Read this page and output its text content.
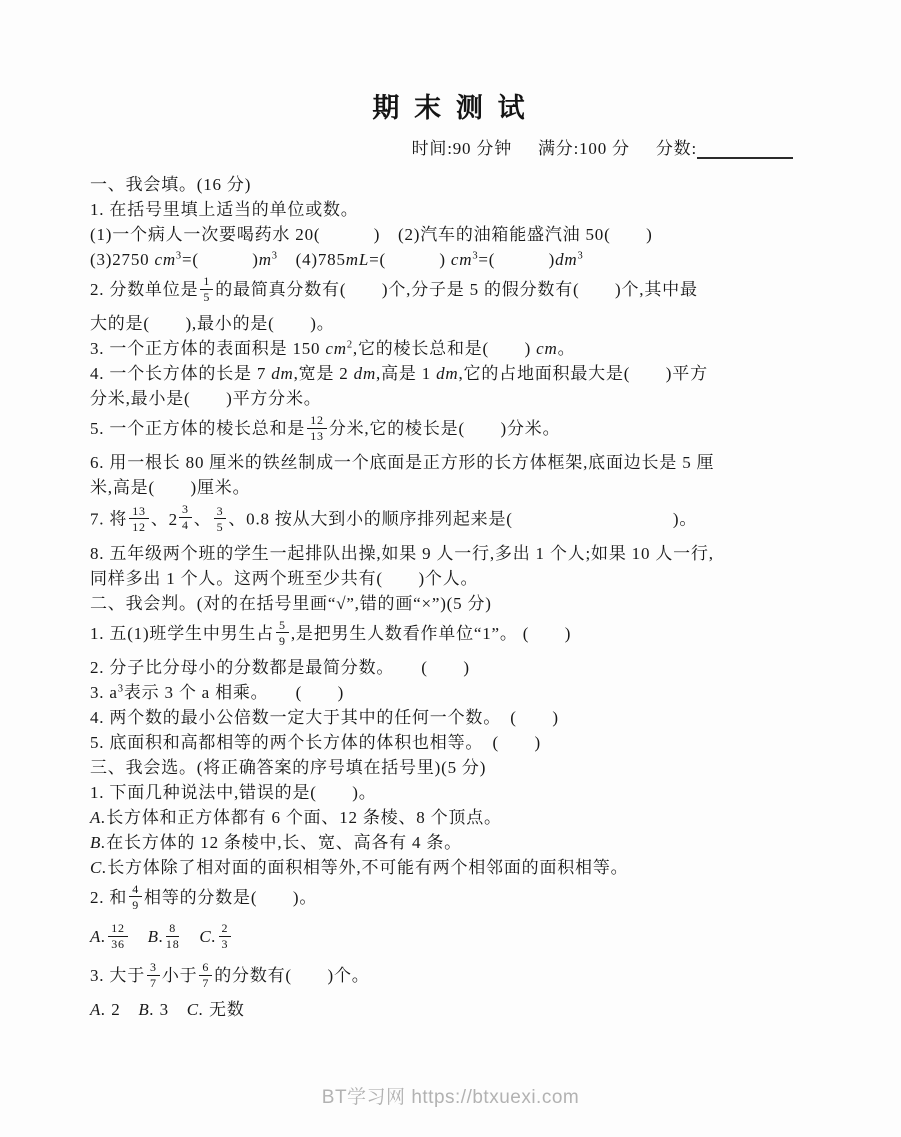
期 末 测 试
时间:90 分钟 满分:100 分 分数:
一、我会填。(16 分)
1. 在括号里填上适当的单位或数。
(1)一个病人一次要喝药水 20(　　　)　(2)汽车的油箱能盛汽油 50(　　)
(3)2750 $cm^3=$(　　　)$m^3$　(4)785mL=(　　　) $cm^3=$(　　　)$dm^3$
2. 分数单位是 $\frac{1}{5}$ 的最简真分数有(　　)个,分子是 5 的假分数有(　　)个,其中最
大的是(　　),最小的是(　　)。
3. 一个正方体的表面积是 150 $cm^2$,它的棱长总和是(　　) cm。
4. 一个长方体的长是 7 dm,宽是 2 dm,高是 1 dm,它的占地面积最大是(　　)平方
分米,最小是(　　)平方分米。
5. 一个正方体的棱长总和是 $\frac{12}{13}$ 分米,它的棱长是(　　)分米。
6. 用一根长 80 厘米的铁丝制成一个底面是正方形的长方体框架,底面边长是 5 厘
米,高是(　　)厘米。
7. 将 $\frac{13}{12}$ 、 $2 \frac{3}{4}$ 、 $\frac{3}{5}$ 、0.8 按从大到小的顺序排列起来是(　　　　　　　　　)。
8. 五年级两个班的学生一起排队出操,如果 9 人一行,多出 1 个人;如果 10 人一行,
同样多出 1 个人。这两个班至少共有(　　)个人。
二、我会判。(对的在括号里画“√”,错的画“×”)(5 分)
1. 五(1)班学生中男生占 $\frac{5}{9}$ ,是把男生人数看作单位“1”。 (　　)
2. 分子比分母小的分数都是最简分数。　　(　　)
3. $a^3$表示 3 个 a 相乘。　　(　　)
4. 两个数的最小公倍数一定大于其中的任何一个数。　(　　)
5. 底面积和高都相等的两个长方体的体积也相等。　(　　)
三、我会选。(将正确答案的序号填在括号里)(5 分)
1. 下面几种说法中,错误的是(　　)。
A.长方体和正方体都有 6 个面、12 条棱、8 个顶点。
B.在长方体的 12 条棱中,长、宽、高各有 4 条。
C.长方体除了相对面的面积相等外,不可能有两个相邻面的面积相等。
2. 和 $\frac{4}{9}$ 相等的分数是(　　)。
A. $\frac{12}{36}$
　 B. $\frac{8}{18}$
　 C. $\frac{2}{3}$
3. 大于 $\frac{3}{7}$ 小于 $\frac{6}{7}$ 的分数有(　　)个。
A. 2　B. 3　C. 无数
BT学习网 https://btxuexi.com
